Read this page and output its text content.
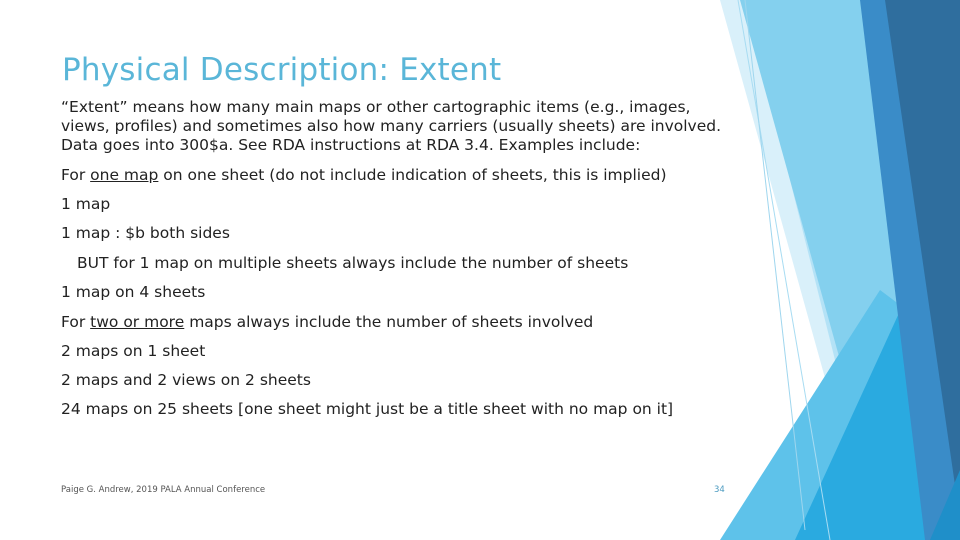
Physical Description: Extent

“Extent” means how many main maps or other cartographic items (e.g., images, views, profiles) and sometimes also how many carriers (usually sheets) are involved. Data goes into 300$a. See RDA instructions at RDA 3.4. Examples include:

For one map on one sheet (do not include indication of sheets, this is implied)

1 map

1 map : $b both sides

BUT for 1 map on multiple sheets always include the number of sheets

1 map on 4 sheets

For two or more maps always include the number of sheets involved

2 maps on 1 sheet

2 maps and 2 views on 2 sheets

24 maps on 25 sheets [one sheet might just be a title sheet with no map on it]

Paige G. Andrew, 2019 PALA Annual Conference	34
